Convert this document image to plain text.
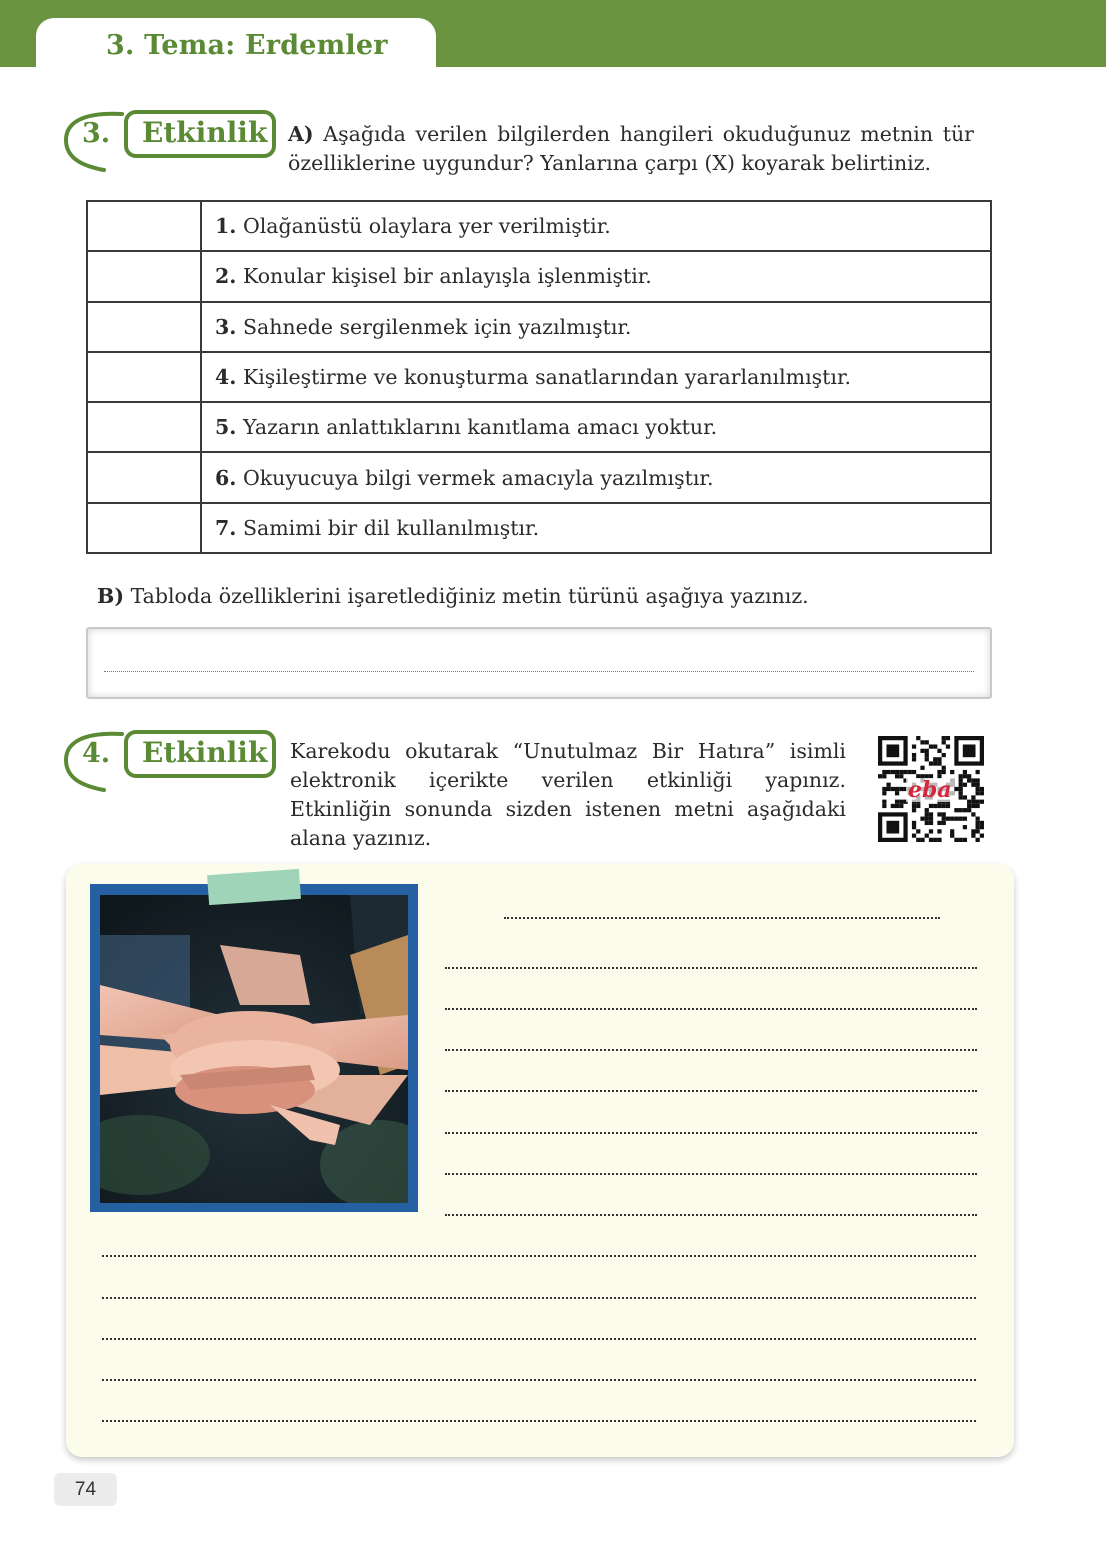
3. Tema: Erdemler
3. Etkinlik A) Aşağıda verilen bilgilerden hangileri okuduğunuz metnin tür özelliklerine uygundur? Yanlarına çarpı (X) koyarak belirtiniz.
	1. Olağanüstü olaylara yer verilmiştir.
	2. Konular kişisel bir anlayışla işlenmiştir.
	3. Sahnede sergilenmek için yazılmıştır.
	4. Kişileştirme ve konuşturma sanatlarından yararlanılmıştır.
	5. Yazarın anlattıklarını kanıtlama amacı yoktur.
	6. Okuyucuya bilgi vermek amacıyla yazılmıştır.
	7. Samimi bir dil kullanılmıştır.
B) Tabloda özelliklerini işaretlediğiniz metin türünü aşağıya yazınız.
4. Etkinlik Karekodu okutarak “Unutulmaz Bir Hatıra” isimli elektronik içerikte verilen etkinliği yapınız. Etkinliğin sonunda sizden istenen metni aşağıdaki alana yazınız.
eba
74
